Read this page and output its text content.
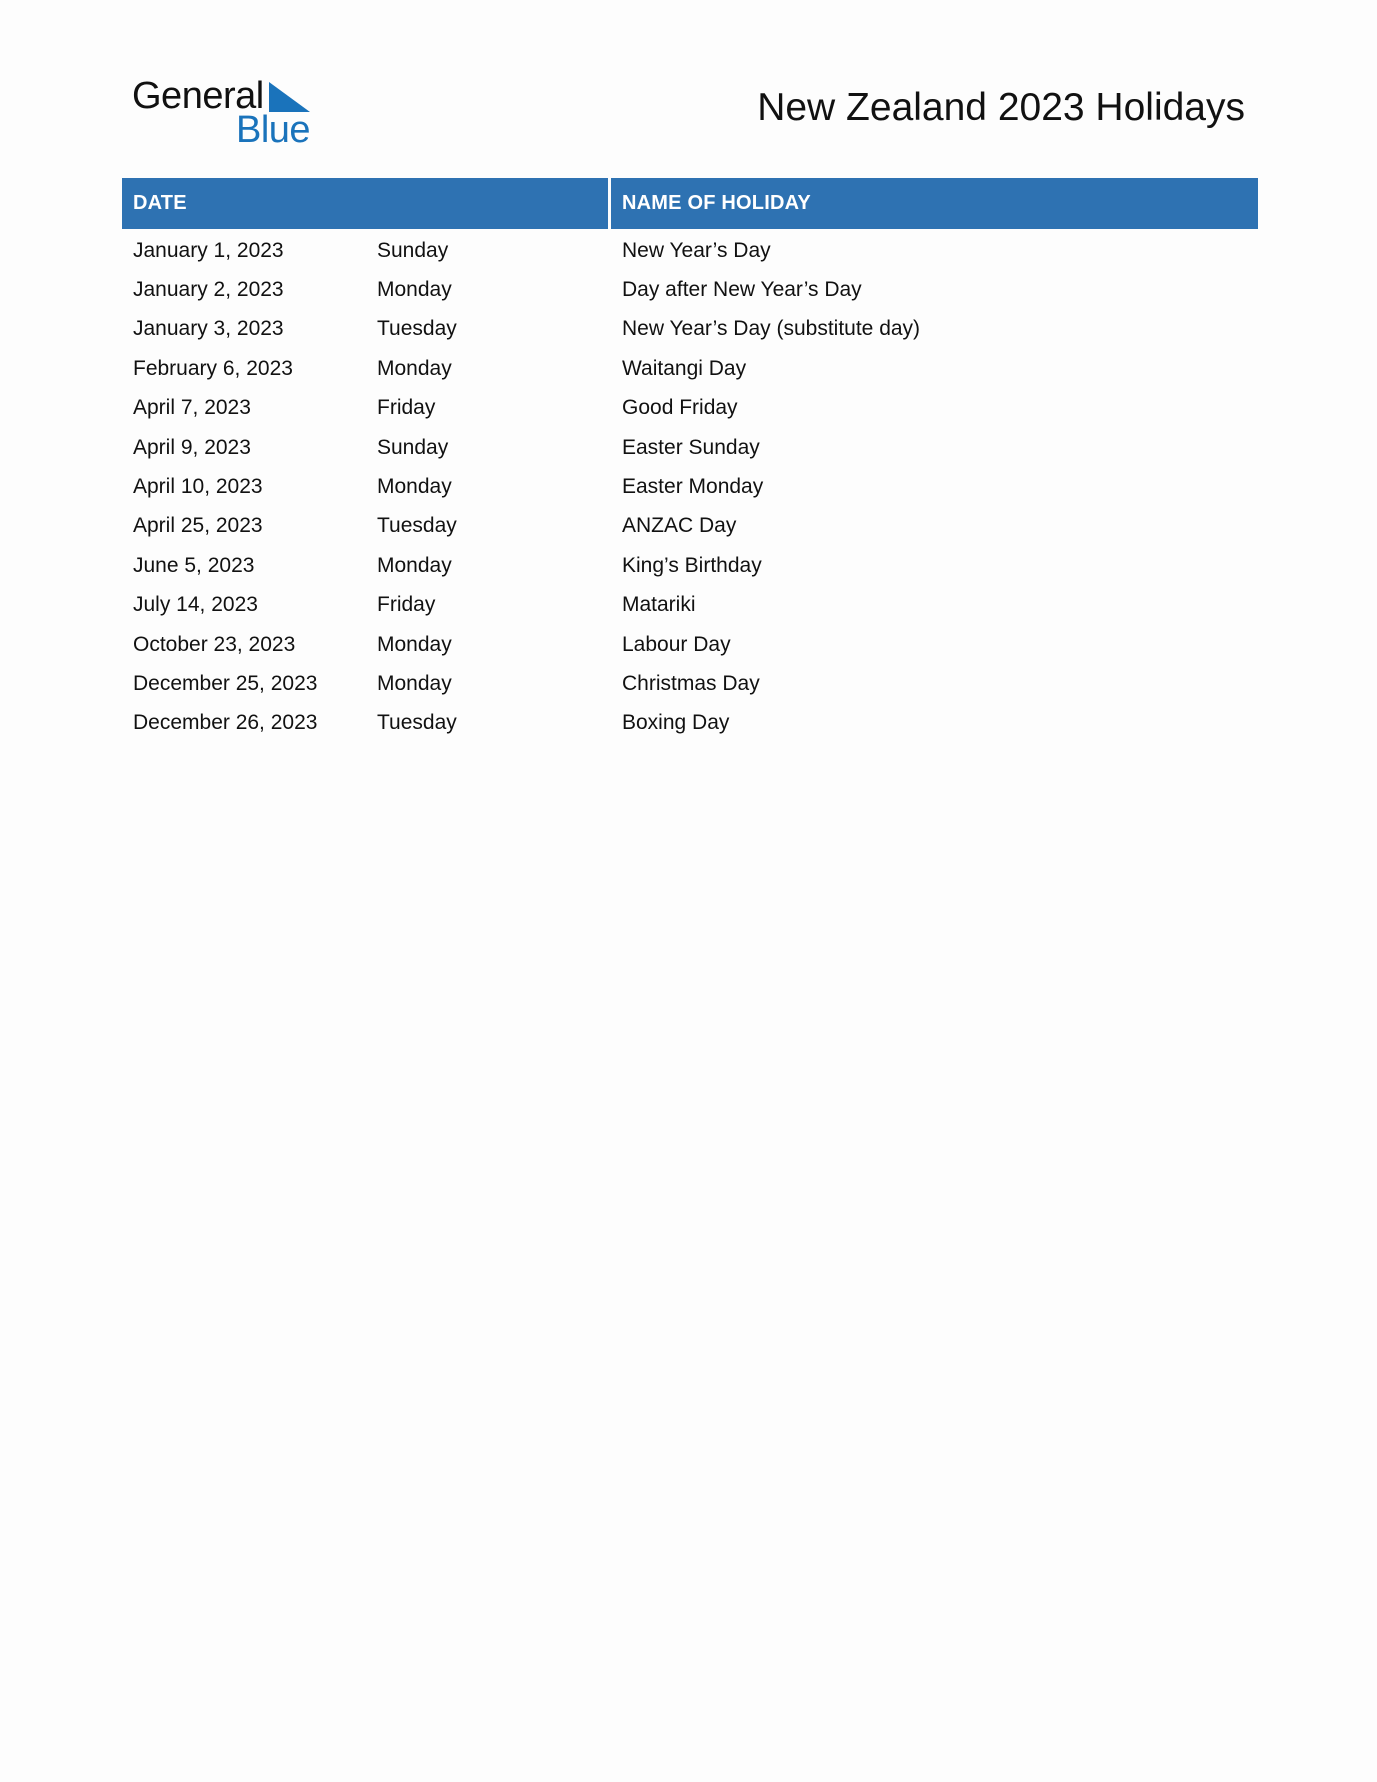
General
Blue
New Zealand 2023 Holidays
DATE	NAME OF HOLIDAY
January 1, 2023	Sunday	New Year’s Day
January 2, 2023	Monday	Day after New Year’s Day
January 3, 2023	Tuesday	New Year’s Day (substitute day)
February 6, 2023	Monday	Waitangi Day
April 7, 2023	Friday	Good Friday
April 9, 2023	Sunday	Easter Sunday
April 10, 2023	Monday	Easter Monday
April 25, 2023	Tuesday	ANZAC Day
June 5, 2023	Monday	King’s Birthday
July 14, 2023	Friday	Matariki
October 23, 2023	Monday	Labour Day
December 25, 2023	Monday	Christmas Day
December 26, 2023	Tuesday	Boxing Day
